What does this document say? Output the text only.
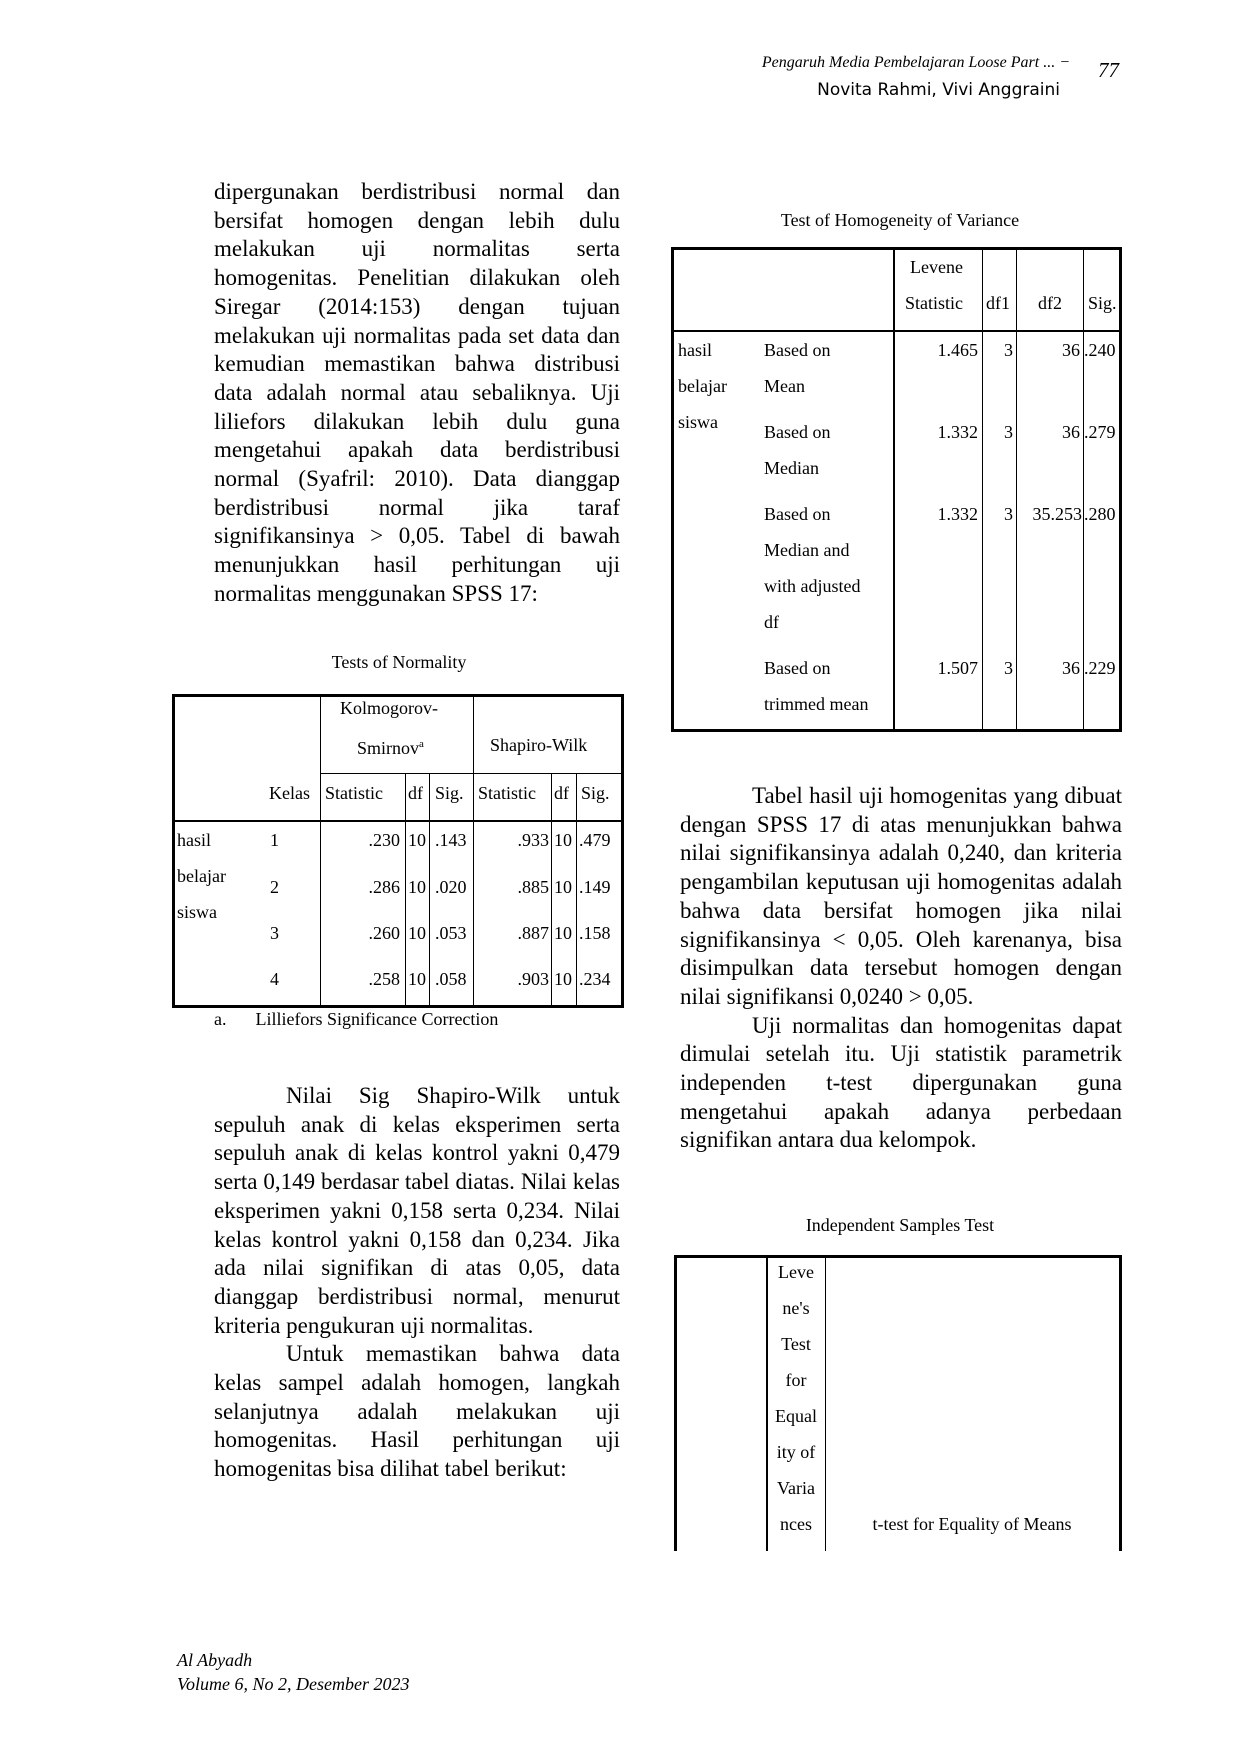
Pengaruh Media Pembelajaran Loose Part ... − 77
Novita Rahmi, Vivi Anggraini

dipergunakan berdistribusi normal dan bersifat homogen dengan lebih dulu melakukan uji normalitas serta homogenitas. Penelitian dilakukan oleh Siregar (2014:153) dengan tujuan melakukan uji normalitas pada set data dan kemudian memastikan bahwa distribusi data adalah normal atau sebaliknya. Uji liliefors dilakukan lebih dulu guna mengetahui apakah data berdistribusi normal (Syafril: 2010). Data dianggap berdistribusi normal jika taraf signifikansinya > 0,05. Tabel di bawah menunjukkan hasil perhitungan uji normalitas menggunakan SPSS 17:

Tests of Normality
Kolmogorov-
Smirnov$^a$	Shapiro-Wilk
Kelas Statistic df Sig. Statistic df Sig.
hasil
belajar
siswa
1	.230 10 .143	.933 10 .479
2	.286 10 .020	.885 10 .149
3	.260 10 .053	.887 10 .158
4	.258 10 .058	.903 10 .234
a. Lilliefors Significance Correction

Nilai Sig Shapiro-Wilk untuk sepuluh anak di kelas eksperimen serta sepuluh anak di kelas kontrol yakni 0,479 serta 0,149 berdasar tabel diatas. Nilai kelas eksperimen yakni 0,158 serta 0,234. Nilai kelas kontrol yakni 0,158 dan 0,234. Jika ada nilai signifikan di atas 0,05, data dianggap berdistribusi normal, menurut kriteria pengukuran uji normalitas.

Untuk memastikan bahwa data kelas sampel adalah homogen, langkah selanjutnya adalah melakukan uji homogenitas. Hasil perhitungan uji homogenitas bisa dilihat tabel berikut:

Test of Homogeneity of Variance
Levene
Statistic df1 df2 Sig.
hasil
belajar
siswa
Based on
Mean
1.465	3	36 .240
Based on
Median
1.332	3	36 .279
Based on
Median and
with adjusted
df
1.332	3	35.253 .280
Based on
trimmed mean
1.507	3	36 .229

Tabel hasil uji homogenitas yang dibuat dengan SPSS 17 di atas menunjukkan bahwa nilai signifikansinya adalah 0,240, dan kriteria pengambilan keputusan uji homogenitas adalah bahwa data bersifat homogen jika nilai signifikansinya < 0,05. Oleh karenanya, bisa disimpulkan data tersebut homogen dengan nilai signifikansi 0,0240 > 0,05.

Uji normalitas dan homogenitas dapat dimulai setelah itu. Uji statistik parametrik independen t-test dipergunakan guna mengetahui apakah adanya perbedaan signifikan antara dua kelompok.

Independent Samples Test
Leve
ne's
Test
for
Equal
ity of
Varia
nces	t-test for Equality of Means
Al Abyadh
Volume 6, No 2, Desember 2023
